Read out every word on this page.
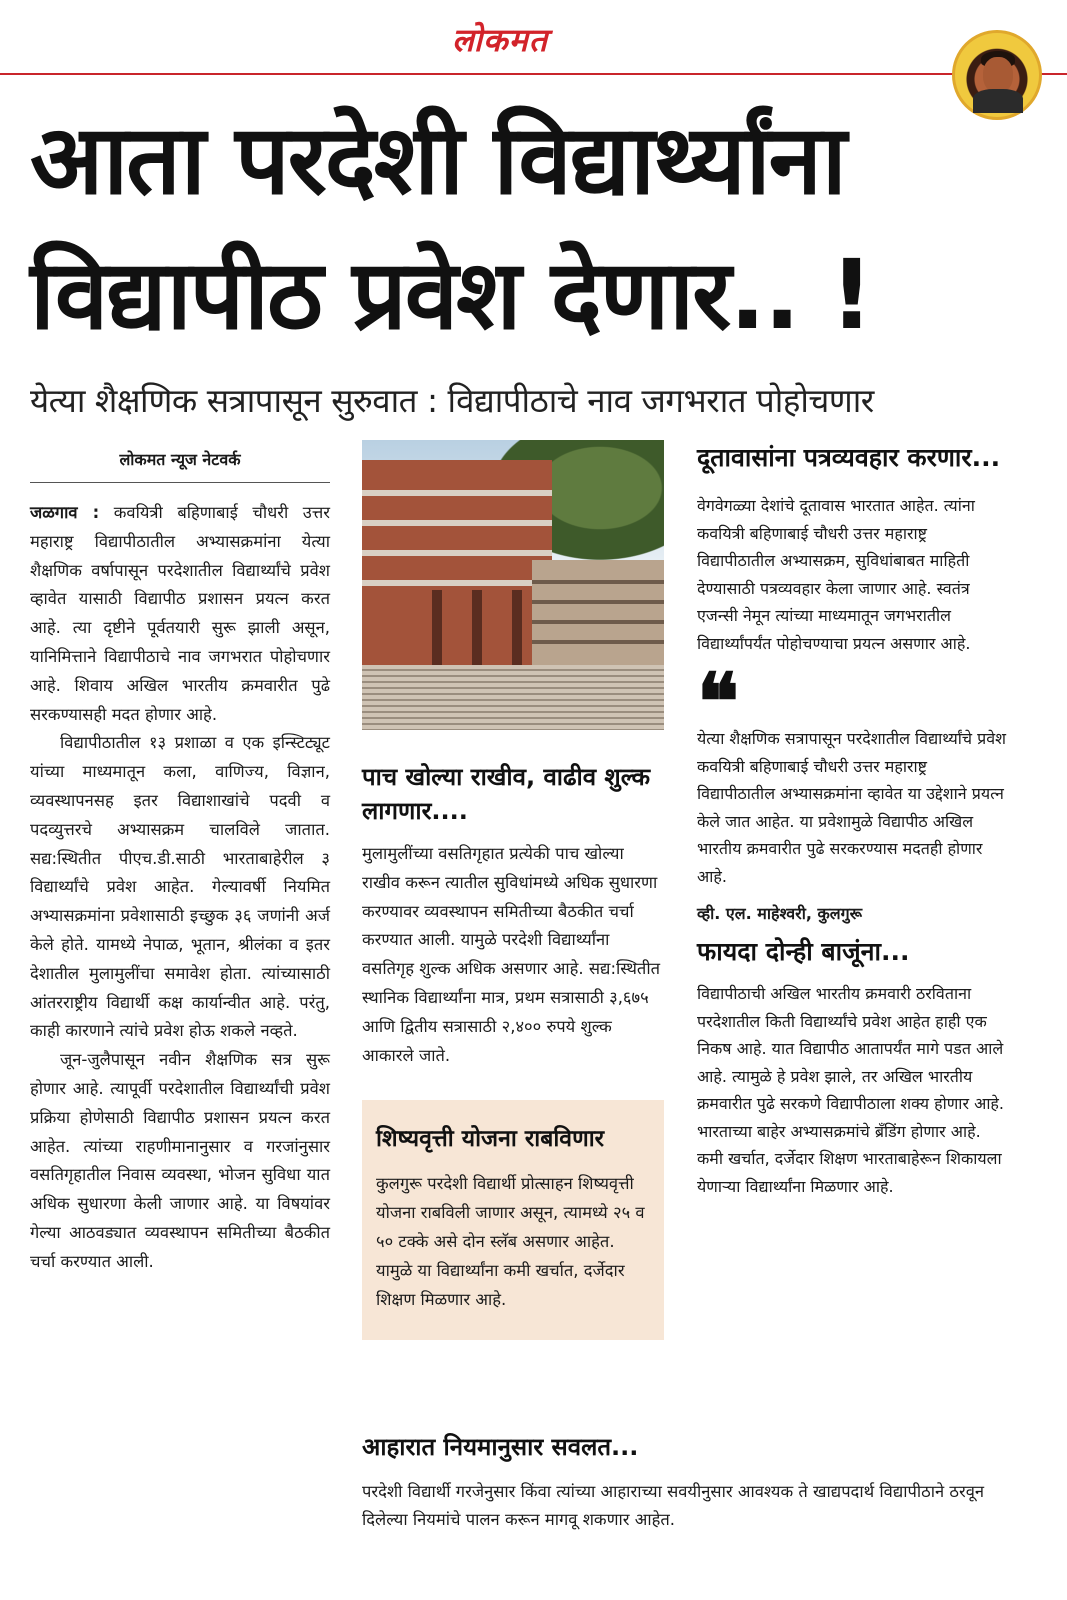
लोकमत
आता परदेशी विद्यार्थ्यांना
विद्यापीठ प्रवेश देणार.. !
येत्या शैक्षणिक सत्रापासून सुरुवात : विद्यापीठाचे नाव जगभरात पोहोचणार
लोकमत न्यूज नेटवर्क

जळगाव : कवयित्री बहिणाबाई चौधरी उत्तर महाराष्ट्र विद्यापीठातील अभ्यासक्रमांना येत्या शैक्षणिक वर्षापासून परदेशातील विद्यार्थ्यांचे प्रवेश व्हावेत यासाठी विद्यापीठ प्रशासन प्रयत्न करत आहे. त्या दृष्टीने पूर्वतयारी सुरू झाली असून, यानिमित्ताने विद्यापीठाचे नाव जगभरात पोहोचणार आहे. शिवाय अखिल भारतीय क्रमवारीत पुढे सरकण्यासही मदत होणार आहे.

विद्यापीठातील १३ प्रशाळा व एक इन्स्टिट्यूट यांच्या माध्यमातून कला, वाणिज्य, विज्ञान, व्यवस्थापनसह इतर विद्याशाखांचे पदवी व पदव्युत्तरचे अभ्यासक्रम चालविले जातात. सद्य:स्थितीत पीएच.डी.साठी भारताबाहेरील ३ विद्यार्थ्यांचे प्रवेश आहेत. गेल्यावर्षी नियमित अभ्यासक्रमांना प्रवेशासाठी इच्छुक ३६ जणांनी अर्ज केले होते. यामध्ये नेपाळ, भूतान, श्रीलंका व इतर देशातील मुलामुलींचा समावेश होता. त्यांच्यासाठी आंतरराष्ट्रीय विद्यार्थी कक्ष कार्यान्वीत आहे. परंतु, काही कारणाने त्यांचे प्रवेश होऊ शकले नव्हते.

जून-जुलैपासून नवीन शैक्षणिक सत्र सुरू होणार आहे. त्यापूर्वी परदेशातील विद्यार्थ्यांची प्रवेश प्रक्रिया होणेसाठी विद्यापीठ प्रशासन प्रयत्न करत आहेत. त्यांच्या राहणीमानानुसार व गरजांनुसार वसतिगृहातील निवास व्यवस्था, भोजन सुविधा यात अधिक सुधारणा केली जाणार आहे. या विषयांवर गेल्या आठवड्यात व्यवस्थापन समितीच्या बैठकीत चर्चा करण्यात आली.

पाच खोल्या राखीव, वाढीव शुल्क लागणार....
मुलामुलींच्या वसतिगृहात प्रत्येकी पाच खोल्या राखीव करून त्यातील सुविधांमध्ये अधिक सुधारणा करण्यावर व्यवस्थापन समितीच्या बैठकीत चर्चा करण्यात आली. यामुळे परदेशी विद्यार्थ्यांना वसतिगृह शुल्क अधिक असणार आहे. सद्य:स्थितीत स्थानिक विद्यार्थ्यांना मात्र, प्रथम सत्रासाठी ३,६७५ आणि द्वितीय सत्रासाठी २,४०० रुपये शुल्क आकारले जाते.
शिष्यवृत्ती योजना राबविणार
कुलगुरू परदेशी विद्यार्थी प्रोत्साहन शिष्यवृत्ती योजना राबविली जाणार असून, त्यामध्ये २५ व ५० टक्के असे दोन स्लॅब असणार आहेत. यामुळे या विद्यार्थ्यांना कमी खर्चात, दर्जेदार शिक्षण मिळणार आहे.
दूतावासांना पत्रव्यवहार करणार...
वेगवेगळ्या देशांचे दूतावास भारतात आहेत. त्यांना कवयित्री बहिणाबाई चौधरी उत्तर महाराष्ट्र विद्यापीठातील अभ्यासक्रम, सुविधांबाबत माहिती देण्यासाठी पत्रव्यवहार केला जाणार आहे. स्वतंत्र एजन्सी नेमून त्यांच्या माध्यमातून जगभरातील विद्यार्थ्यांपर्यंत पोहोचण्याचा प्रयत्न असणार आहे.
❝
येत्या शैक्षणिक सत्रापासून परदेशातील विद्यार्थ्यांचे प्रवेश कवयित्री बहिणाबाई चौधरी उत्तर महाराष्ट्र विद्यापीठातील अभ्यासक्रमांना व्हावेत या उद्देशाने प्रयत्न केले जात आहेत. या प्रवेशामुळे विद्यापीठ अखिल भारतीय क्रमवारीत पुढे सरकरण्यास मदतही होणार आहे.
व्ही. एल. माहेश्वरी, कुलगुरू
फायदा दोन्ही बाजूंना...
विद्यापीठाची अखिल भारतीय क्रमवारी ठरविताना परदेशातील किती विद्यार्थ्यांचे प्रवेश आहेत हाही एक निकष आहे. यात विद्यापीठ आतापर्यंत मागे पडत आले आहे. त्यामुळे हे प्रवेश झाले, तर अखिल भारतीय क्रमवारीत पुढे सरकणे विद्यापीठाला शक्य होणार आहे. भारताच्या बाहेर अभ्यासक्रमांचे ब्रॅंडिंग होणार आहे. कमी खर्चात, दर्जेदार शिक्षण भारताबाहेरून शिकायला येणाऱ्या विद्यार्थ्यांना मिळणार आहे.
आहारात नियमानुसार सवलत...
परदेशी विद्यार्थी गरजेनुसार किंवा त्यांच्या आहाराच्या सवयीनुसार आवश्यक ते खाद्यपदार्थ विद्यापीठाने ठरवून दिलेल्या नियमांचे पालन करून मागवू शकणार आहेत.
